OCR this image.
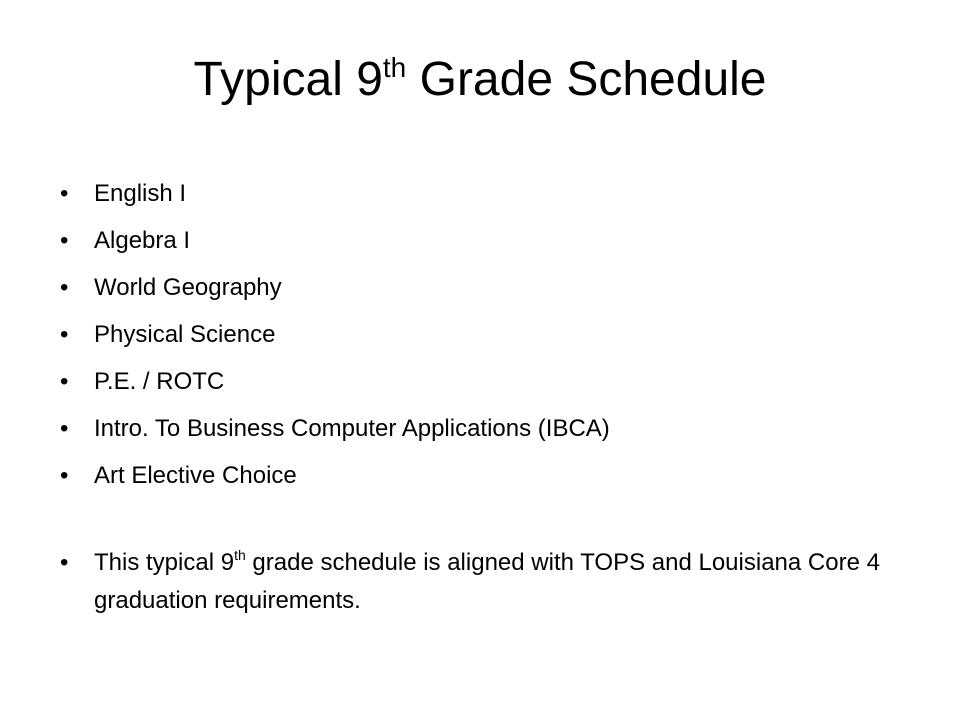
Typical 9th Grade Schedule
• English I
• Algebra I
• World Geography
• Physical Science
• P.E. / ROTC
• Intro. To Business Computer Applications (IBCA)
• Art Elective Choice
• This typical 9th grade schedule is aligned with TOPS and Louisiana Core 4 graduation requirements.
